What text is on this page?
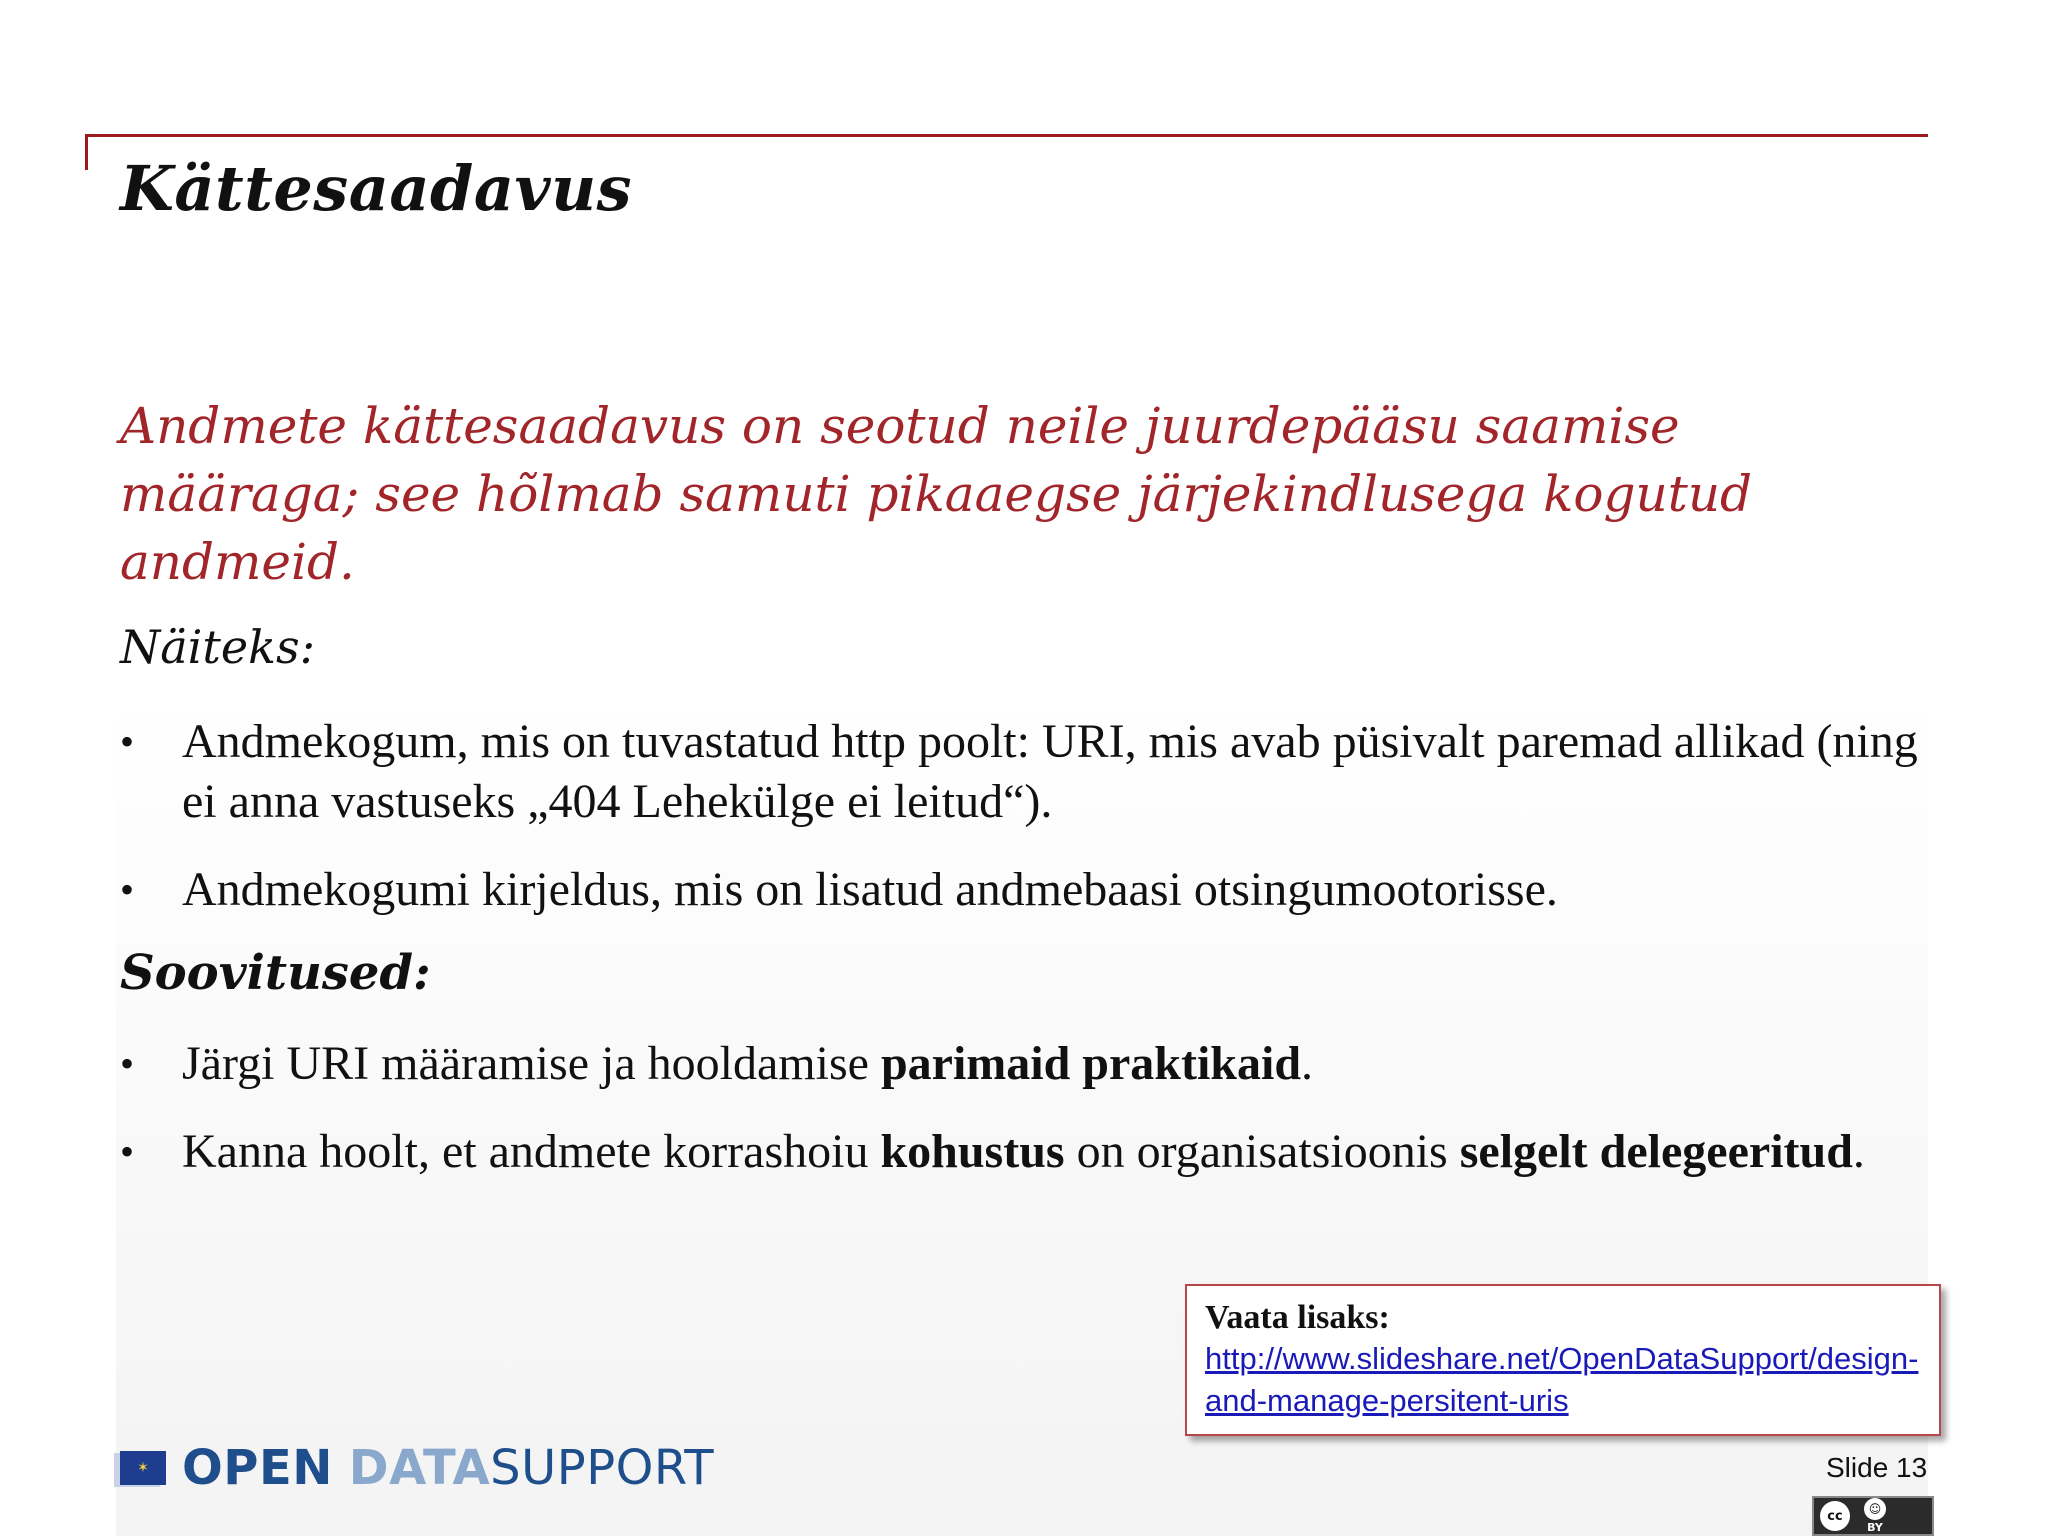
Kättesaadavus

Andmete kättesaadavus on seotud neile juurdepääsu saamise määraga; see hõlmab samuti pikaaegse järjekindlusega kogutud andmeid.

Näiteks:

• Andmekogum, mis on tuvastatud http poolt: URI, mis avab püsivalt paremad allikad (ning ei anna vastuseks „404 Lehekülge ei leitud“).
• Andmekogumi kirjeldus, mis on lisatud andmebaasi otsingumootorisse.

Soovitused:

• Järgi URI määramise ja hooldamise parimaid praktikaid.
• Kanna hoolt, et andmete korrashoiu kohustus on organisatsioonis selgelt delegeeritud.
Vaata lisaks:
http://www.slideshare.net/OpenDataSupport/design-and-manage-persitent-uris
✶ OPEN DATASUPPORT	Slide 13

cc	☺
BY
